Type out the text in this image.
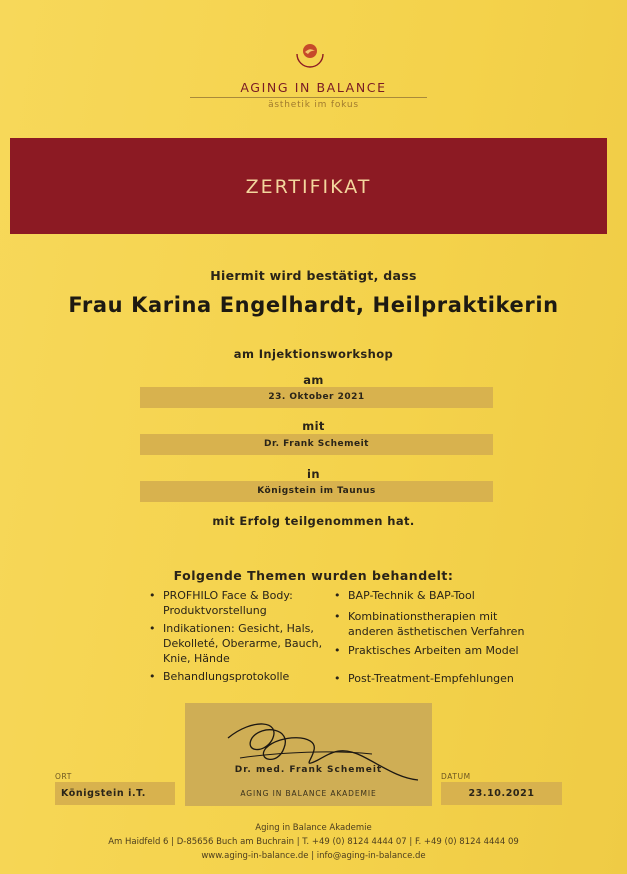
AGING IN BALANCE
ästhetik im fokus
ZERTIFIKAT
Hiermit wird bestätigt, dass
Frau Karina Engelhardt, Heilpraktikerin
am Injektionsworkshop
am
23. Oktober 2021
mit
Dr. Frank Schemeit
in
Königstein im Taunus
mit Erfolg teilgenommen hat.
Folgende Themen wurden behandelt:
• PROFHILO Face & Body:
Produktvorstellung
• Indikationen: Gesicht, Hals,
Dekolleté, Oberarme, Bauch,
Knie, Hände
• Behandlungsprotokolle
• BAP-Technik & BAP-Tool
• Kombinationstherapien mit
anderen ästhetischen Verfahren
• Praktisches Arbeiten am Model
• Post-Treatment-Empfehlungen
Dr. med. Frank Schemeit
AGING IN BALANCE AKADEMIE
ORT
Königstein i.T.
DATUM
23.10.2021
Aging in Balance Akademie
Am Haidfeld 6 | D-85656 Buch am Buchrain | T. +49 (0) 8124 4444 07 | F. +49 (0) 8124 4444 09
www.aging-in-balance.de | info@aging-in-balance.de
